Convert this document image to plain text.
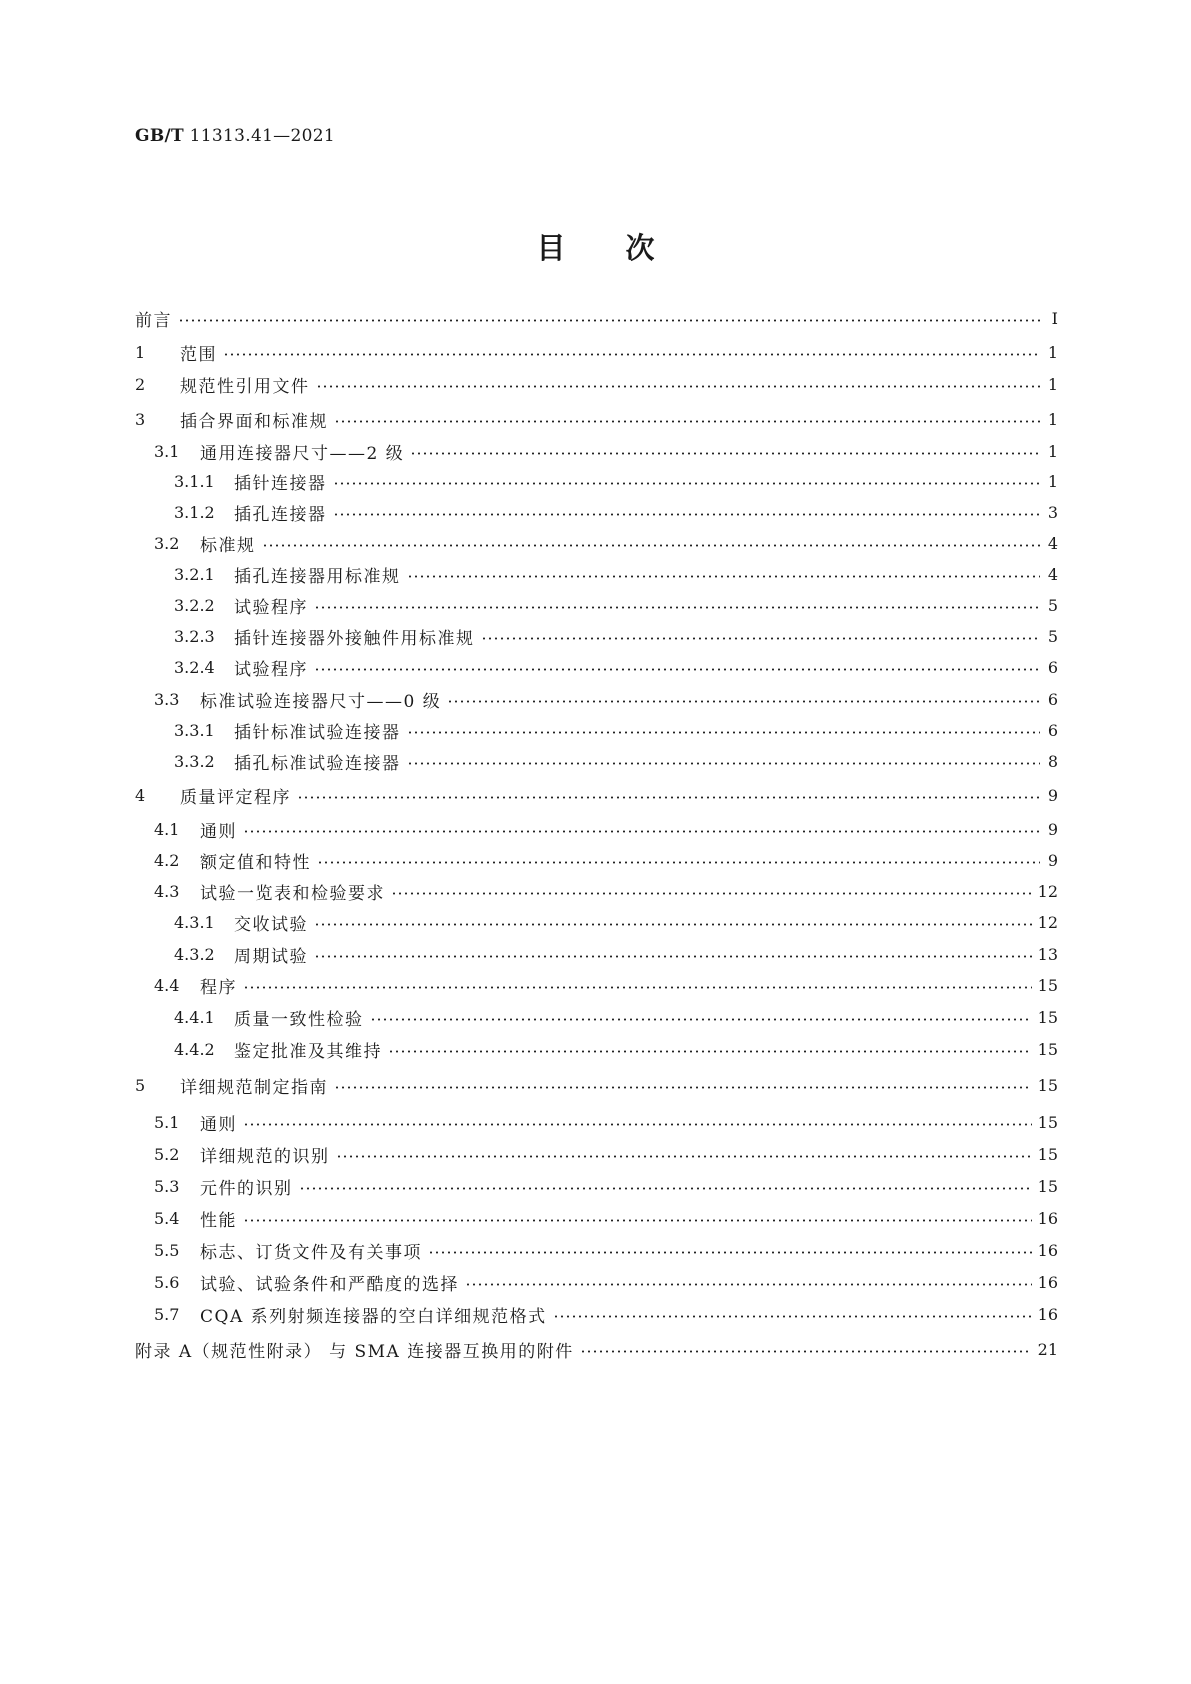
GB/T 11313.41—2021
目次
前言	Ⅰ
1	范围	1
2	规范性引用文件	1
3	插合界面和标准规	1
3.1	通用连接器尺寸——2 级	1
3.1.1	插针连接器	1
3.1.2	插孔连接器	3
3.2	标准规	4
3.2.1	插孔连接器用标准规	4
3.2.2	试验程序	5
3.2.3	插针连接器外接触件用标准规	5
3.2.4	试验程序	6
3.3	标准试验连接器尺寸——0 级	6
3.3.1	插针标准试验连接器	6
3.3.2	插孔标准试验连接器	8
4	质量评定程序	9
4.1	通则	9
4.2	额定值和特性	9
4.3	试验一览表和检验要求	12
4.3.1	交收试验	12
4.3.2	周期试验	13
4.4	程序	15
4.4.1	质量一致性检验	15
4.4.2	鉴定批准及其维持	15
5	详细规范制定指南	15
5.1	通则	15
5.2	详细规范的识别	15
5.3	元件的识别	15
5.4	性能	16
5.5	标志、订货文件及有关事项	16
5.6	试验、试验条件和严酷度的选择	16
5.7	CQA 系列射频连接器的空白详细规范格式	16
附录 A（规范性附录） 与 SMA 连接器互换用的附件	21
